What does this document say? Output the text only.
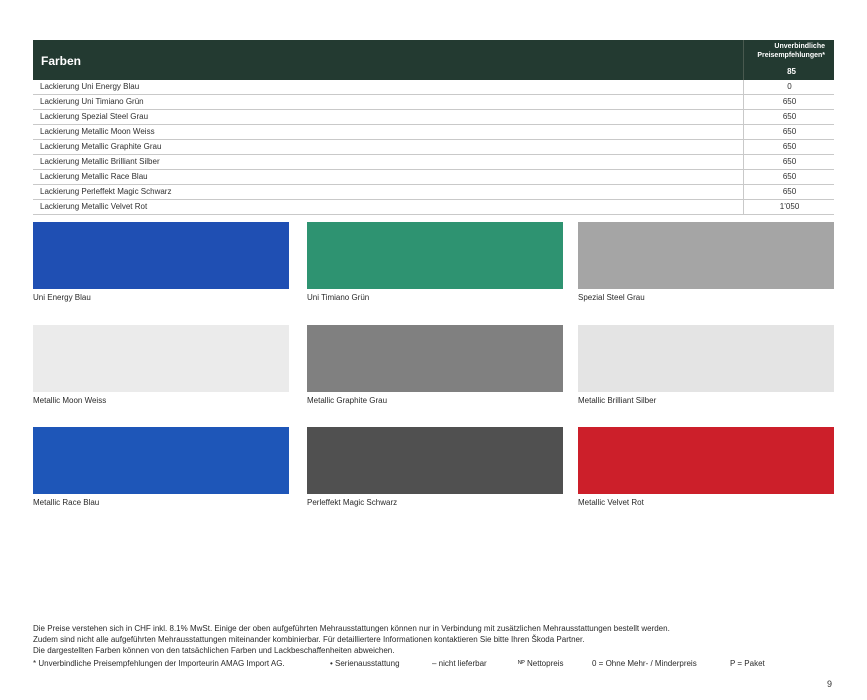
Farben
Unverbindliche Preisempfehlungen*
85
Lackierung Uni Energy Blau	0
Lackierung Uni Timiano Grün	650
Lackierung Spezial Steel Grau	650
Lackierung Metallic Moon Weiss	650
Lackierung Metallic Graphite Grau	650
Lackierung Metallic Brilliant Silber	650
Lackierung Metallic Race Blau	650
Lackierung Perleffekt Magic Schwarz	650
Lackierung Metallic Velvet Rot	1’050
Uni Energy Blau	Uni Timiano Grün	Spezial Steel Grau
Metallic Moon Weiss	Metallic Graphite Grau	Metallic Brilliant Silber
Metallic Race Blau	Perleffekt Magic Schwarz	Metallic Velvet Rot
Die Preise verstehen sich in CHF inkl. 8.1% MwSt. Einige der oben aufgeführten Mehrausstattungen können nur in Verbindung mit zusätzlichen Mehrausstattungen bestellt werden.
Zudem sind nicht alle aufgeführten Mehrausstattungen miteinander kombinierbar. Für detailliertere Informationen kontaktieren Sie bitte Ihren Škoda Partner.
Die dargestellten Farben können von den tatsächlichen Farben und Lackbeschaffenheiten abweichen.
* Unverbindliche Preisempfehlungen der Importeurin AMAG Import AG.	• Serienausstattung	– nicht lieferbar	ᴺᴾ Nettopreis	0 = Ohne Mehr- / Minderpreis	P = Paket
9
